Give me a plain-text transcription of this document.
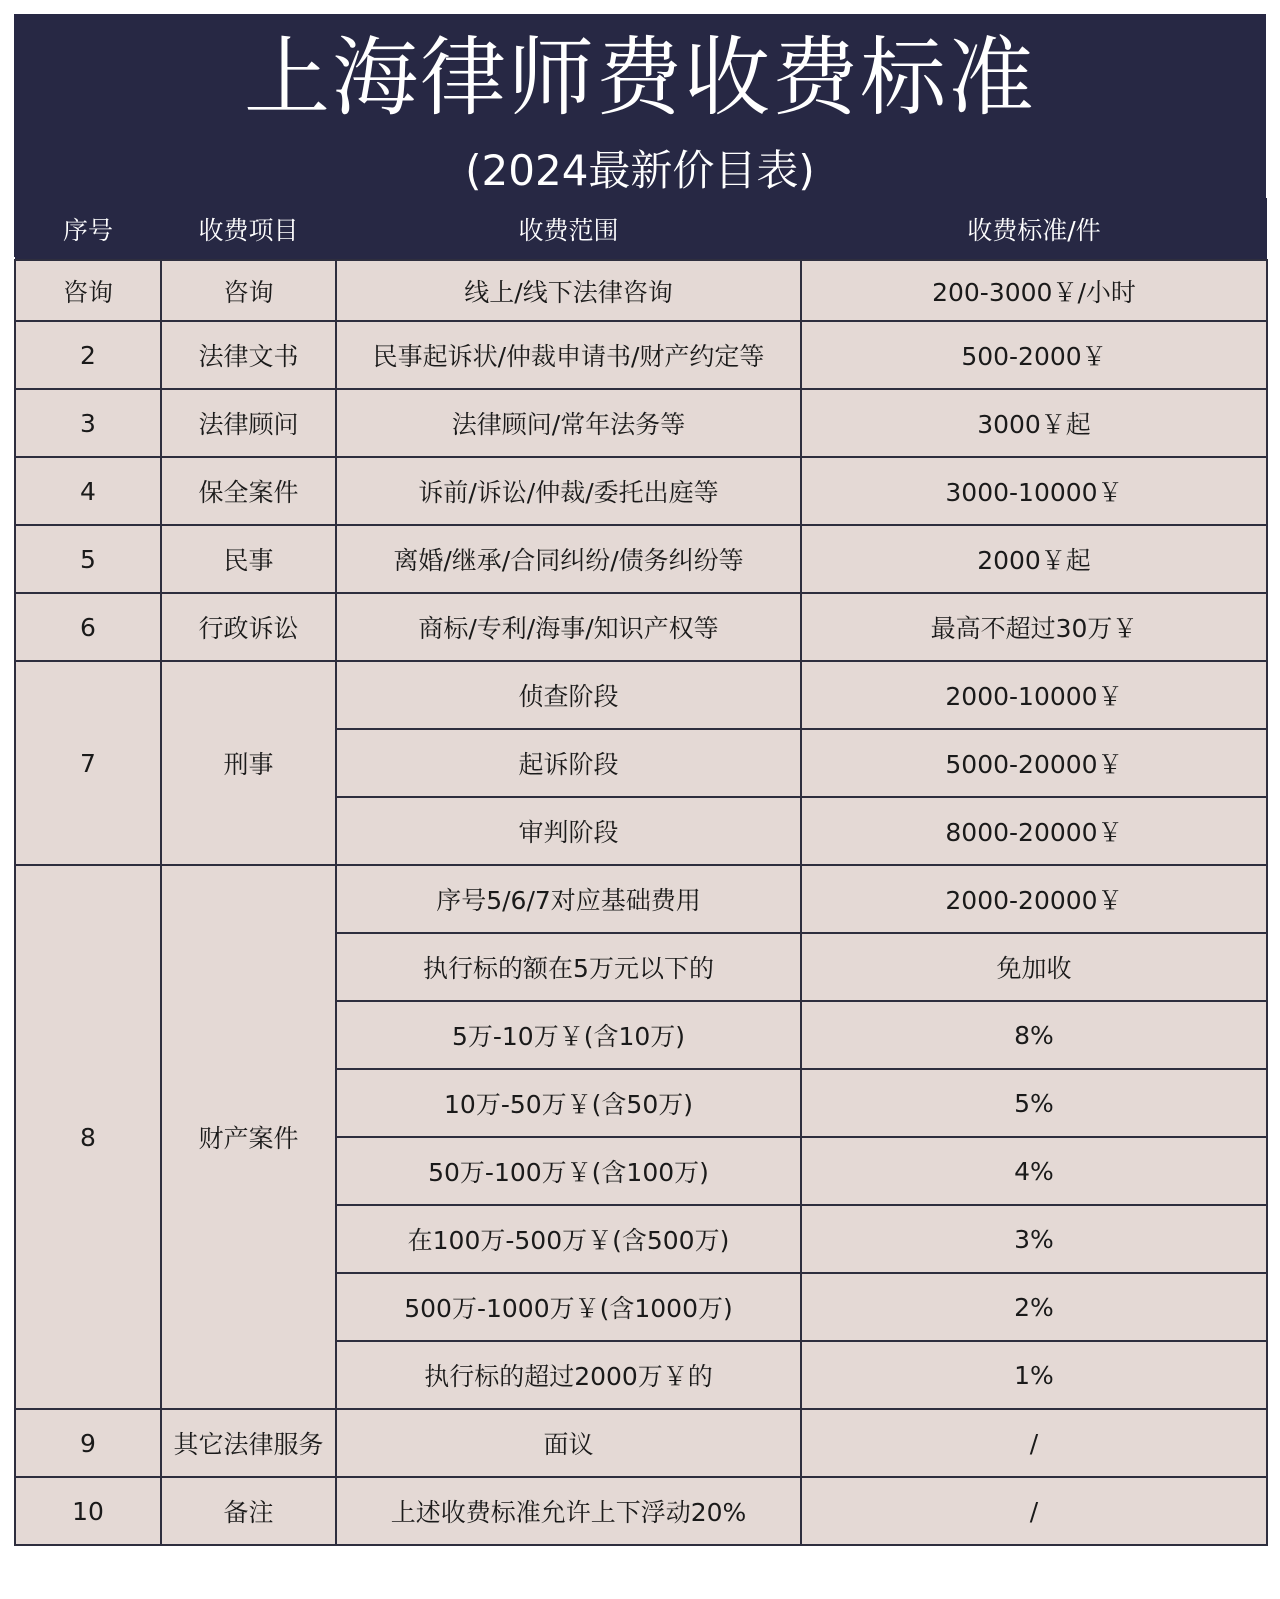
上海律师费收费标准
(2024最新价目表)
序号	收费项目	收费范围	收费标准/件
咨询	咨询	线上/线下法律咨询	200-3000￥/小时
2	法律文书	民事起诉状/仲裁申请书/财产约定等	500-2000￥
3	法律顾问	法律顾问/常年法务等	3000￥起
4	保全案件	诉前/诉讼/仲裁/委托出庭等	3000-10000￥
5	民事	离婚/继承/合同纠纷/债务纠纷等	2000￥起
6	行政诉讼	商标/专利/海事/知识产权等	最高不超过30万￥
7	刑事	侦查阶段	2000-10000￥
		起诉阶段	5000-20000￥
		审判阶段	8000-20000￥
8	财产案件	序号5/6/7对应基础费用	2000-20000￥
		执行标的额在5万元以下的	免加收
		5万-10万￥(含10万)	8%
		10万-50万￥(含50万)	5%
		50万-100万￥(含100万)	4%
		在100万-500万￥(含500万)	3%
		500万-1000万￥(含1000万)	2%
		执行标的超过2000万￥的	1%
9	其它法律服务	面议	/
10	备注	上述收费标准允许上下浮动20%	/
